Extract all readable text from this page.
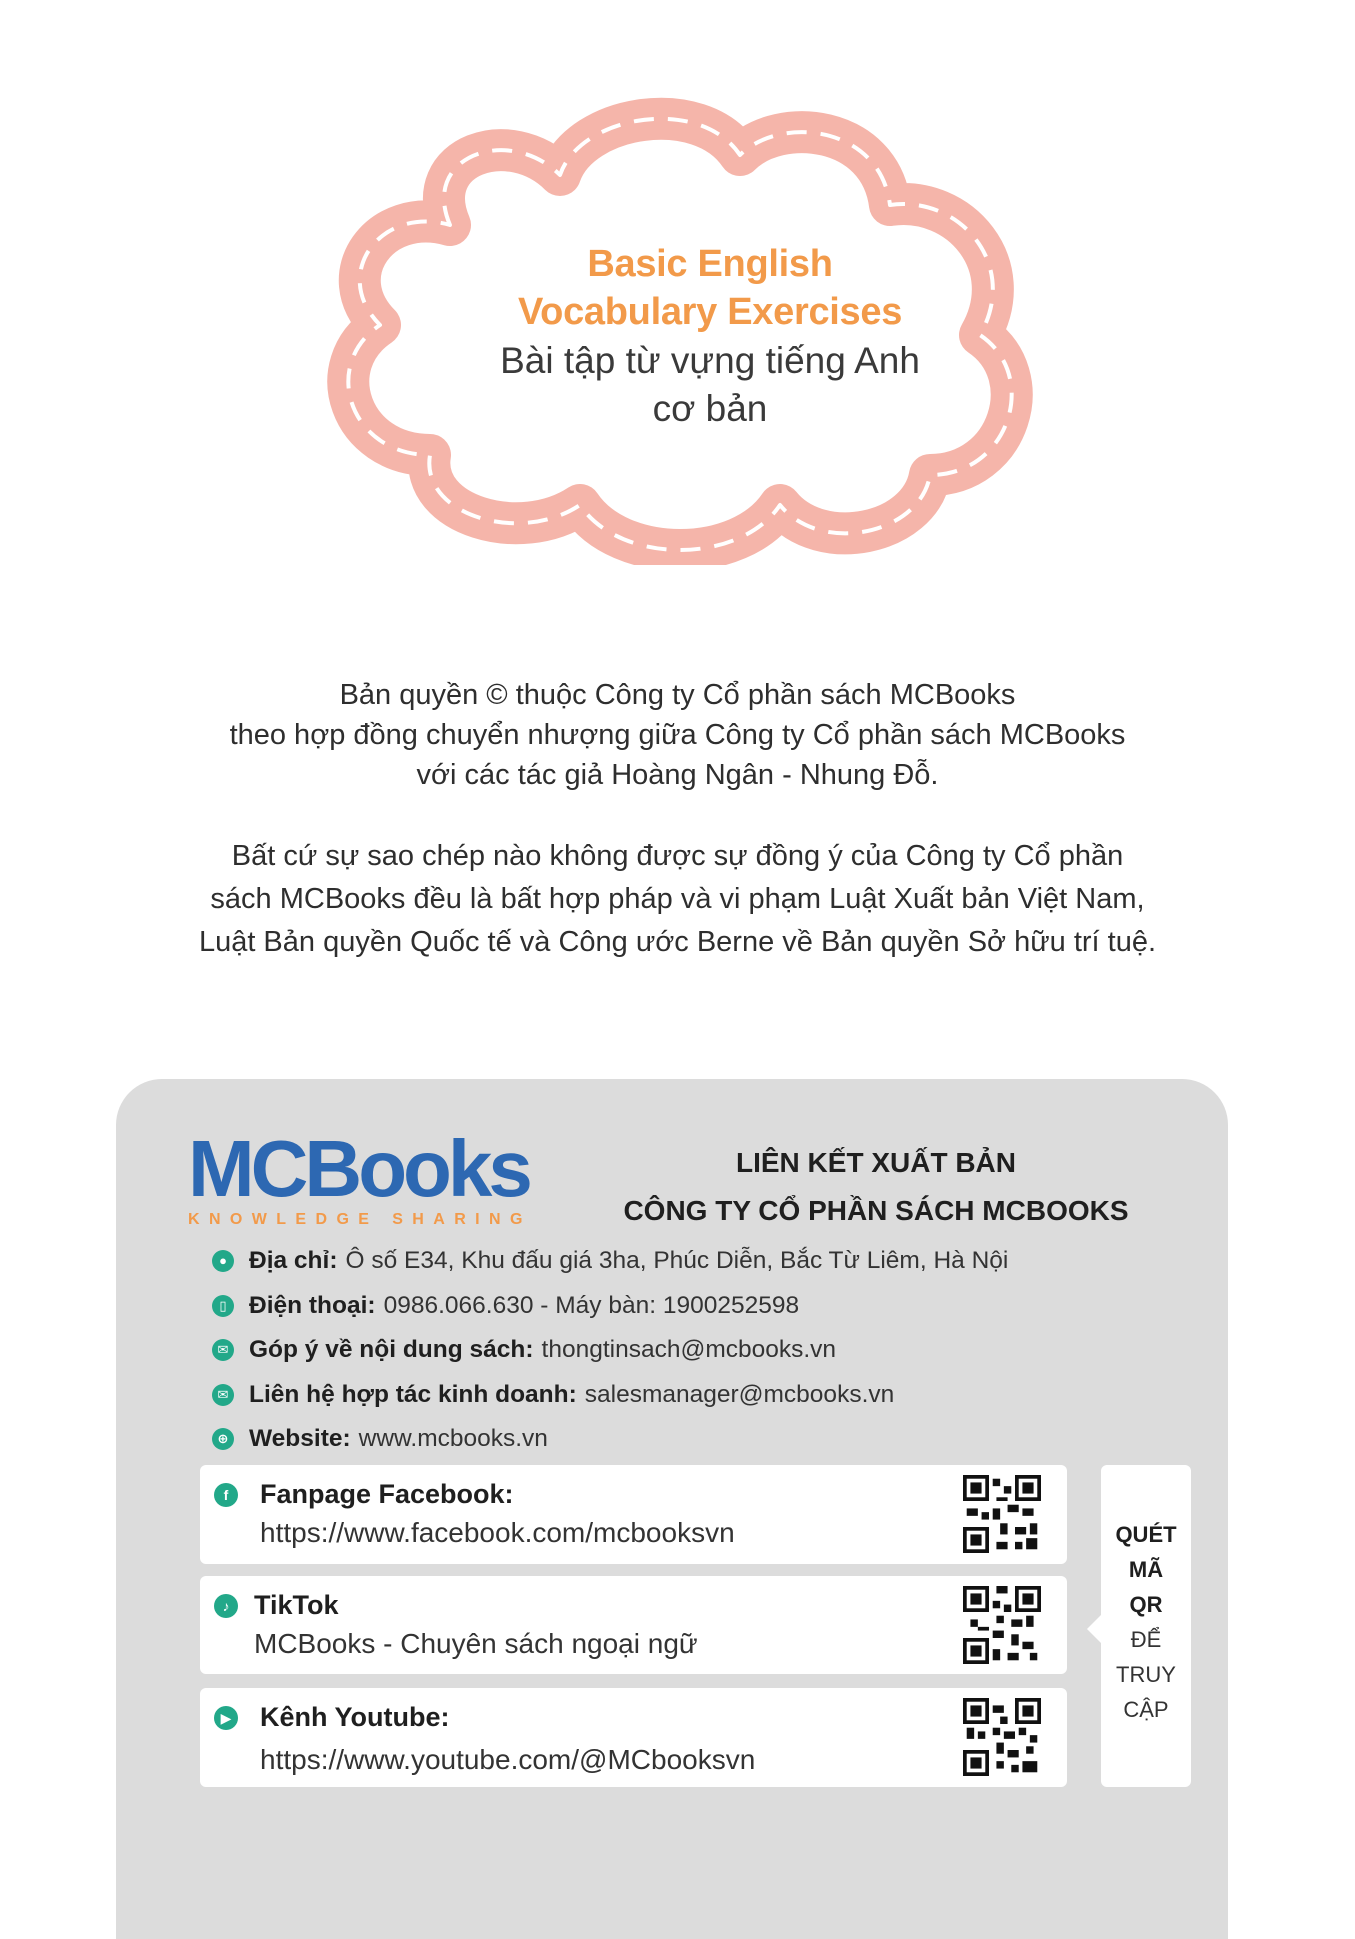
Basic English
Vocabulary Exercises
Bài tập từ vựng tiếng Anh
cơ bản
Bản quyền © thuộc Công ty Cổ phần sách MCBooks
theo hợp đồng chuyển nhượng giữa Công ty Cổ phần sách MCBooks
với các tác giả Hoàng Ngân - Nhung Đỗ.
Bất cứ sự sao chép nào không được sự đồng ý của Công ty Cổ phần
sách MCBooks đều là bất hợp pháp và vi phạm Luật Xuất bản Việt Nam,
Luật Bản quyền Quốc tế và Công ước Berne về Bản quyền Sở hữu trí tuệ.
MCBooks
KNOWLEDGE SHARING
LIÊN KẾT XUẤT BẢN
CÔNG TY CỔ PHẦN SÁCH MCBOOKS
● Địa chỉ: Ô số E34, Khu đấu giá 3ha, Phúc Diễn, Bắc Từ Liêm, Hà Nội
▯ Điện thoại: 0986.066.630 - Máy bàn: 1900252598
✉ Góp ý về nội dung sách: thongtinsach@mcbooks.vn
✉ Liên hệ hợp tác kinh doanh: salesmanager@mcbooks.vn
⊕ Website: www.mcbooks.vn
f	Fanpage Facebook:
https://www.facebook.com/mcbooksvn
♪ TikTok
MCBooks - Chuyên sách ngoại ngữ
▶ Kênh Youtube:
https://www.youtube.com/@MCbooksvn
QUÉT
MÃ
QR
ĐỂ
TRUY
CẬP
